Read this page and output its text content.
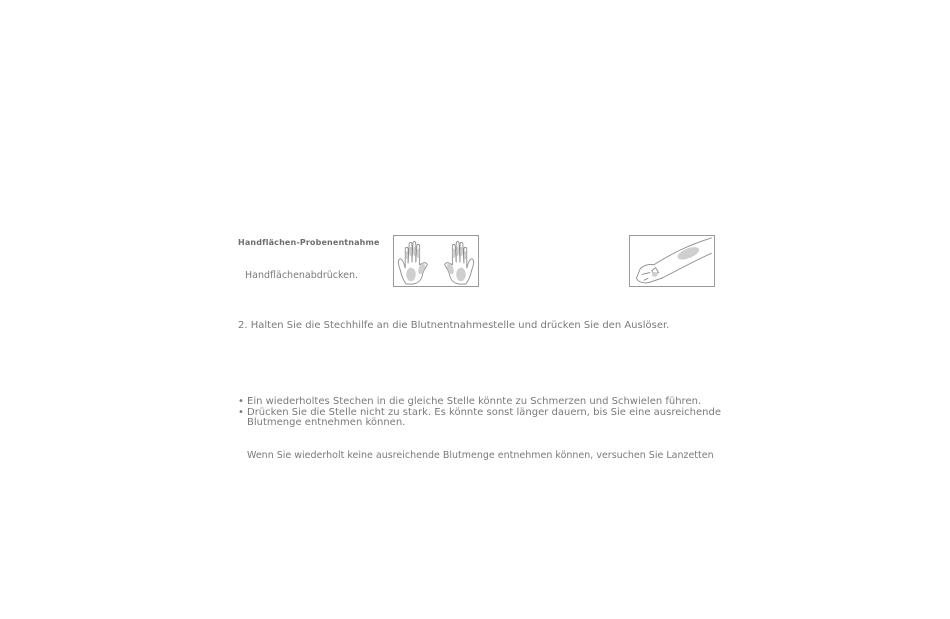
Handflächen-Probenentnahme
Handflächenabdrücken.
2. Halten Sie die Stechhilfe an die Blutnentnahmestelle und drücken Sie den Auslöser.
• Ein wiederholtes Stechen in die gleiche Stelle könnte zu Schmerzen und Schwielen führen.
• Drücken Sie die Stelle nicht zu stark. Es könnte sonst länger dauern, bis Sie eine ausreichende Blutmenge entnehmen können.
Wenn Sie wiederholt keine ausreichende Blutmenge entnehmen können, versuchen Sie Lanzetten
